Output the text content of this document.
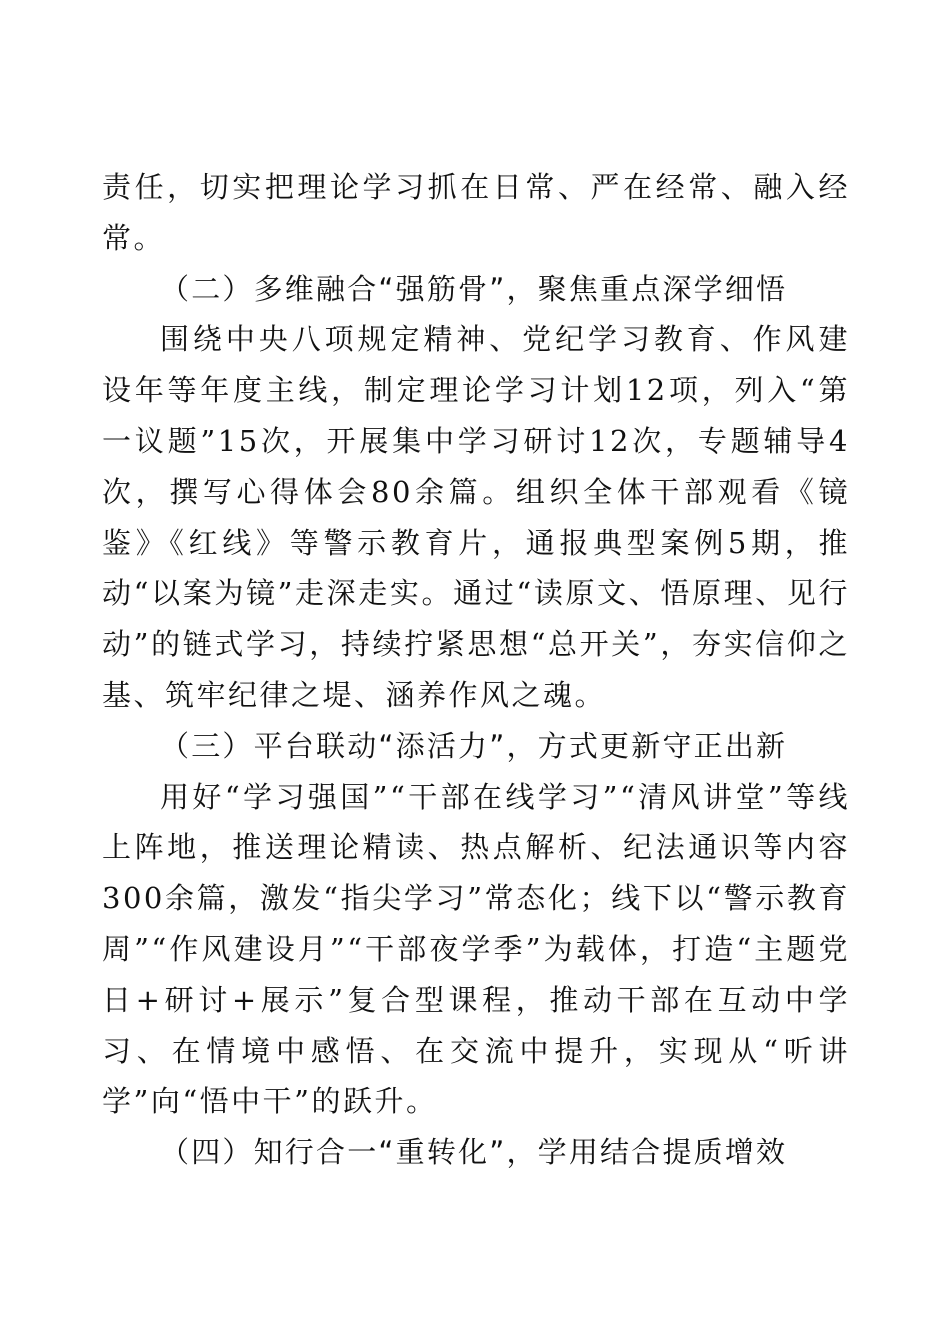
责任，切实把理论学习抓在日常、严在经常、融入经常。

（二）多维融合“强筋骨”，聚焦重点深学细悟

围绕中央八项规定精神、党纪学习教育、作风建设年等年度主线，制定理论学习计划12项，列入“第一议题”15次，开展集中学习研讨12次，专题辅导4次，撰写心得体会80余篇。组织全体干部观看《镜鉴》《红线》等警示教育片，通报典型案例5期，推动“以案为镜”走深走实。通过“读原文、悟原理、见行动”的链式学习，持续拧紧思想“总开关”，夯实信仰之基、筑牢纪律之堤、涵养作风之魂。

（三）平台联动“添活力”，方式更新守正出新

用好“学习强国”“干部在线学习”“清风讲堂”等线上阵地，推送理论精读、热点解析、纪法通识等内容300余篇，激发“指尖学习”常态化；线下以“警示教育周”“作风建设月”“干部夜学季”为载体，打造“主题党日+研讨+展示”复合型课程，推动干部在互动中学习、在情境中感悟、在交流中提升，实现从“听讲学”向“悟中干”的跃升。

（四）知行合一“重转化”，学用结合提质增效
